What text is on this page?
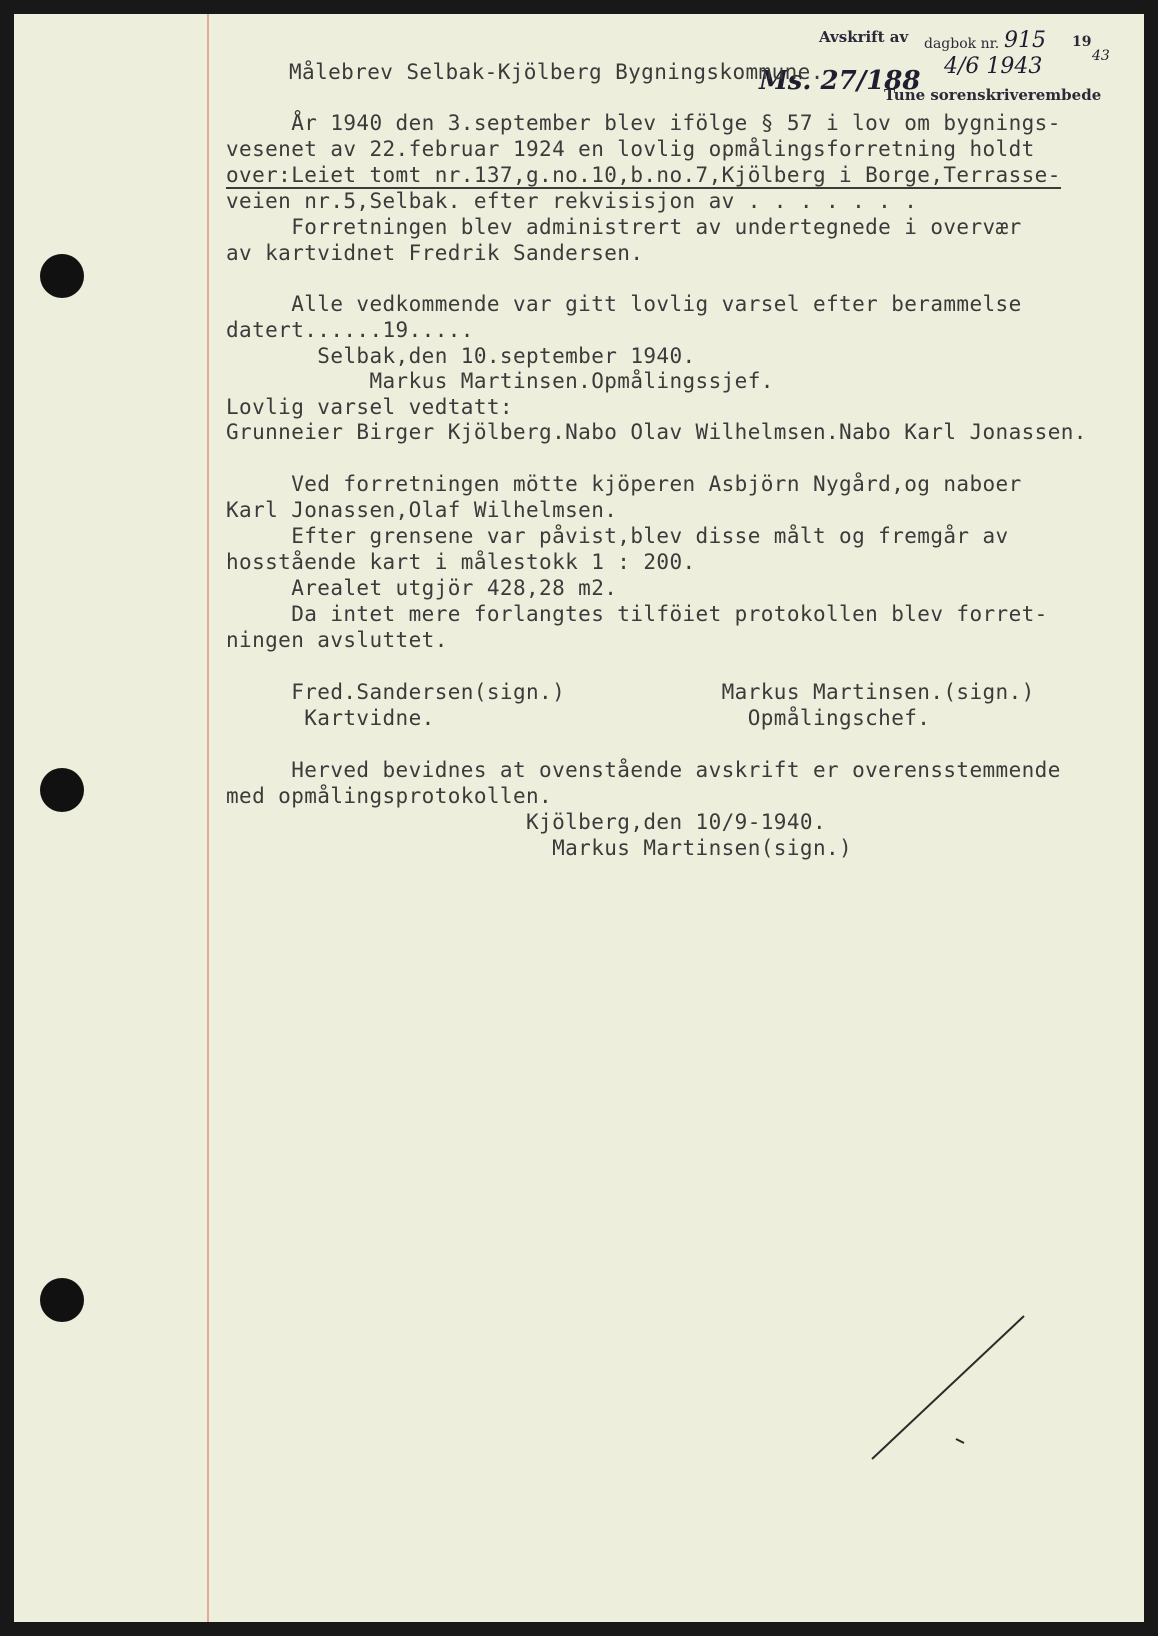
Avskrift av dagbok nr. 915 19
43
Ms. 27/188 4/6 1943
Tune sorenskriverembede
Målebrev Selbak-Kjölberg Bygningskommune.
År 1940 den 3.september blev ifölge § 57 i lov om bygnings-
vesenet av 22.februar 1924 en lovlig opmålingsforretning holdt
over:Leiet tomt nr.137,g.no.10,b.no.7,Kjölberg i Borge,Terrasse-
veien nr.5,Selbak. efter rekvisisjon av . . . . . . .
Forretningen blev administrert av undertegnede i overvær
av kartvidnet Fredrik Sandersen.
Alle vedkommende var gitt lovlig varsel efter berammelse
datert......19.....
Selbak,den 10.september 1940.
Markus Martinsen.Opmålingssjef.
Lovlig varsel vedtatt:
Grunneier Birger Kjölberg.Nabo Olav Wilhelmsen.Nabo Karl Jonassen.
Ved forretningen mötte kjöperen Asbjörn Nygård,og naboer
Karl Jonassen,Olaf Wilhelmsen.
Efter grensene var påvist,blev disse målt og fremgår av
hosstående kart i målestokk 1 : 200.
Arealet utgjör 428,28 m2.
Da intet mere forlangtes tilföiet protokollen blev forret-
ningen avsluttet.
Fred.Sandersen(sign.)            Markus Martinsen.(sign.)
Kartvidne.                        Opmålingschef.
Herved bevidnes at ovenstående avskrift er overensstemmende
med opmålingsprotokollen.
Kjölberg,den 10/9-1940.
Markus Martinsen(sign.)
